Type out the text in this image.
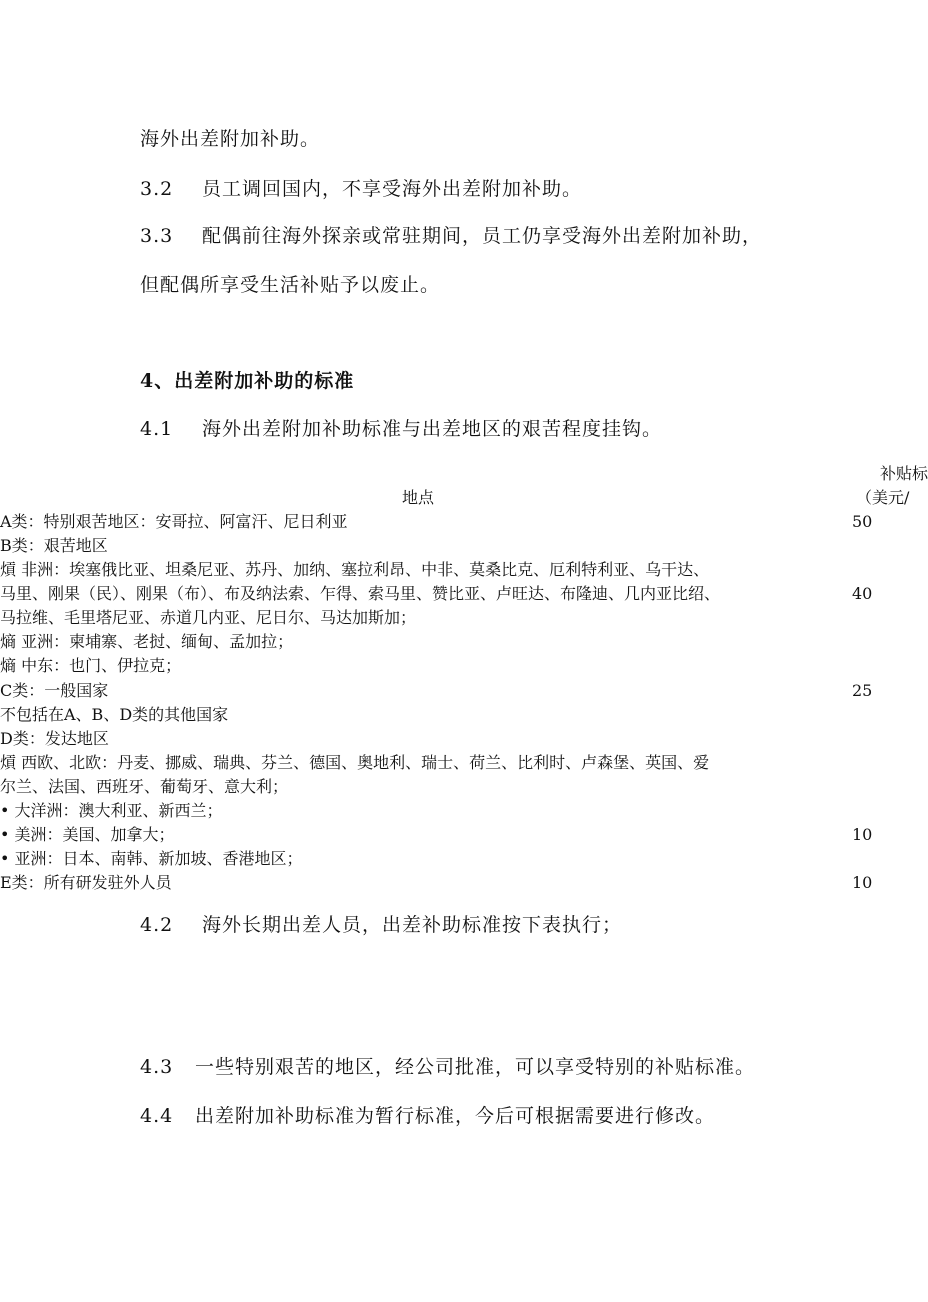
海外出差附加补助。
3.2 员工调回国内，不享受海外出差附加补助。
3.3 配偶前往海外探亲或常驻期间，员工仍享受海外出差附加补助，
但配偶所享受生活补贴予以废止。
4、出差附加补助的标准
4.1 海外出差附加补助标准与出差地区的艰苦程度挂钩。
地点
补贴标
（美元/
A类：特别艰苦地区：安哥拉、阿富汗、尼日利亚
B类：艰苦地区
熕 非洲：埃塞俄比亚、坦桑尼亚、苏丹、加纳、塞拉利昂、中非、莫桑比克、厄利特利亚、乌干达、
马里、刚果（民）、刚果（布）、布及纳法索、乍得、索马里、赞比亚、卢旺达、布隆迪、几内亚比绍、
马拉维、毛里塔尼亚、赤道几内亚、尼日尔、马达加斯加；
熵 亚洲：柬埔寨、老挝、缅甸、孟加拉；
熵 中东：也门、伊拉克；
C类：一般国家
不包括在A、B、D类的其他国家
D类：发达地区
熕 西欧、北欧：丹麦、挪威、瑞典、芬兰、德国、奥地利、瑞士、荷兰、比利时、卢森堡、英国、爱
尔兰、法国、西班牙、葡萄牙、意大利；
• 大洋洲：澳大利亚、新西兰；
• 美洲：美国、加拿大；
• 亚洲：日本、南韩、新加坡、香港地区；
E类：所有研发驻外人员
50
40
25
10
10
4.2 海外长期出差人员，出差补助标准按下表执行；
4.3 一些特别艰苦的地区，经公司批准，可以享受特别的补贴标准。
4.4 出差附加补助标准为暂行标准，今后可根据需要进行修改。
